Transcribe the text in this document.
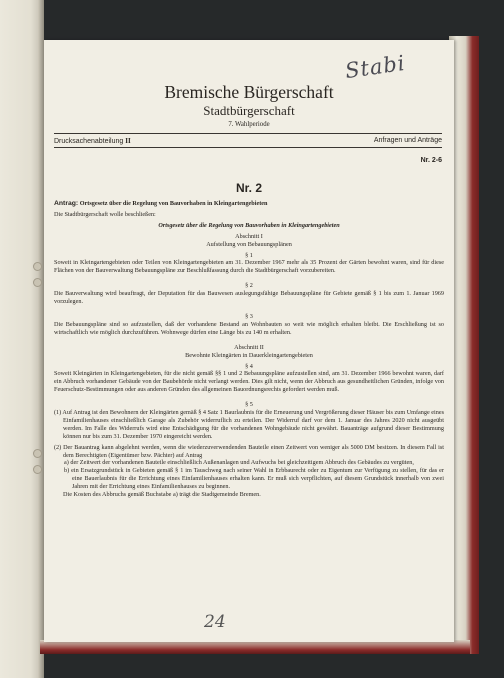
Stabi
Bremische Bürgerschaft
Stadtbürgerschaft
7. Wahlperiode
Drucksachenabteilung II	Anfragen und Anträge
Nr. 2-6
Nr. 2

Antrag: Ortsgesetz über die Regelung von Bauvorhaben in Kleingartengebieten

Die Stadtbürgerschaft wolle beschließen:

Ortsgesetz über die Regelung von Bauvorhaben in Kleingartengebieten

Abschnitt I

Aufstellung von Bebauungsplänen

§ 1

Soweit in Kleingartengebieten oder Teilen von Kleingartengebieten am 31. Dezember 1967 mehr als 35 Prozent der Gärten bewohnt waren, sind für diese Flächen von der Bauverwaltung Bebauungspläne zur Beschlußfassung durch die Stadtbürgerschaft vorzubereiten.

§ 2

Die Bauverwaltung wird beauftragt, der Deputation für das Bauwesen auslegungsfähige Bebauungspläne für Gebiete gemäß § 1 bis zum 1. Januar 1969 vorzulegen.

§ 3

Die Bebauungspläne sind so aufzustellen, daß der vorhandene Bestand an Wohnbauten so weit wie möglich erhalten bleibt. Die Erschließung ist so wirtschaftlich wie möglich durchzuführen. Wohnwege dürfen eine Länge bis zu 140 m erhalten.

Abschnitt II

Bewohnte Kleingärten in Dauerkleingartengebieten

§ 4

Soweit Kleingärten in Kleingartengebieten, für die nicht gemäß §§ 1 und 2 Bebauungspläne aufzustellen sind, am 31. Dezember 1966 bewohnt waren, darf ein Abbruch vorhandener Gebäude von der Baubehörde nicht verlangt werden. Dies gilt nicht, wenn der Abbruch aus gesundheitlichen Gründen, infolge von Feuerschutz-Bestimmungen oder aus anderen Gründen des allgemeinen Bauordnungsrechts gefordert werden muß.

§ 5

(1) Auf Antrag ist den Bewohnern der Kleingärten gemäß § 4 Satz 1 Baurlaubnis für die Erneuerung und Vergrößerung dieser Häuser bis zum Umfange eines Einfamilienhauses einschließlich Garage als Zubehör widerruflich zu erteilen. Der Widerruf darf vor dem 1. Januar des Jahres 2020 nicht ausgeübt werden. Im Falle des Widerrufs wird eine Entschädigung für die vorhandenen Wohngebäude nicht gewährt. Bauanträge aufgrund dieser Bestimmung können nur bis zum 31. Dezember 1970 eingereicht werden.

(2) Der Bauantrag kann abgelehnt werden, wenn die wiederzuverwendenden Bauteile einen Zeitwert von weniger als 5000 DM besitzen. In diesem Fall ist dem Berechtigten (Eigentümer bzw. Pächter) auf Antrag

a) der Zeitwert der vorhandenen Bauteile einschließlich Außenanlagen und Aufwuchs bei gleichzeitigem Abbruch des Gebäudes zu vergüten,

b) ein Ersatzgrundstück in Gebieten gemäß § 1 im Tauschweg nach seiner Wahl in Erbbaurecht oder zu Eigentum zur Verfügung zu stellen, für das er eine Bauerlaubnis für die Errichtung eines Einfamilienhauses erhalten kann. Er muß sich verpflichten, auf diesem Grundstück innerhalb von zwei Jahren mit der Errichtung eines Einfamilienhauses zu beginnen.

Die Kosten des Abbruchs gemäß Buchstabe a) trägt die Stadtgemeinde Bremen.

24
